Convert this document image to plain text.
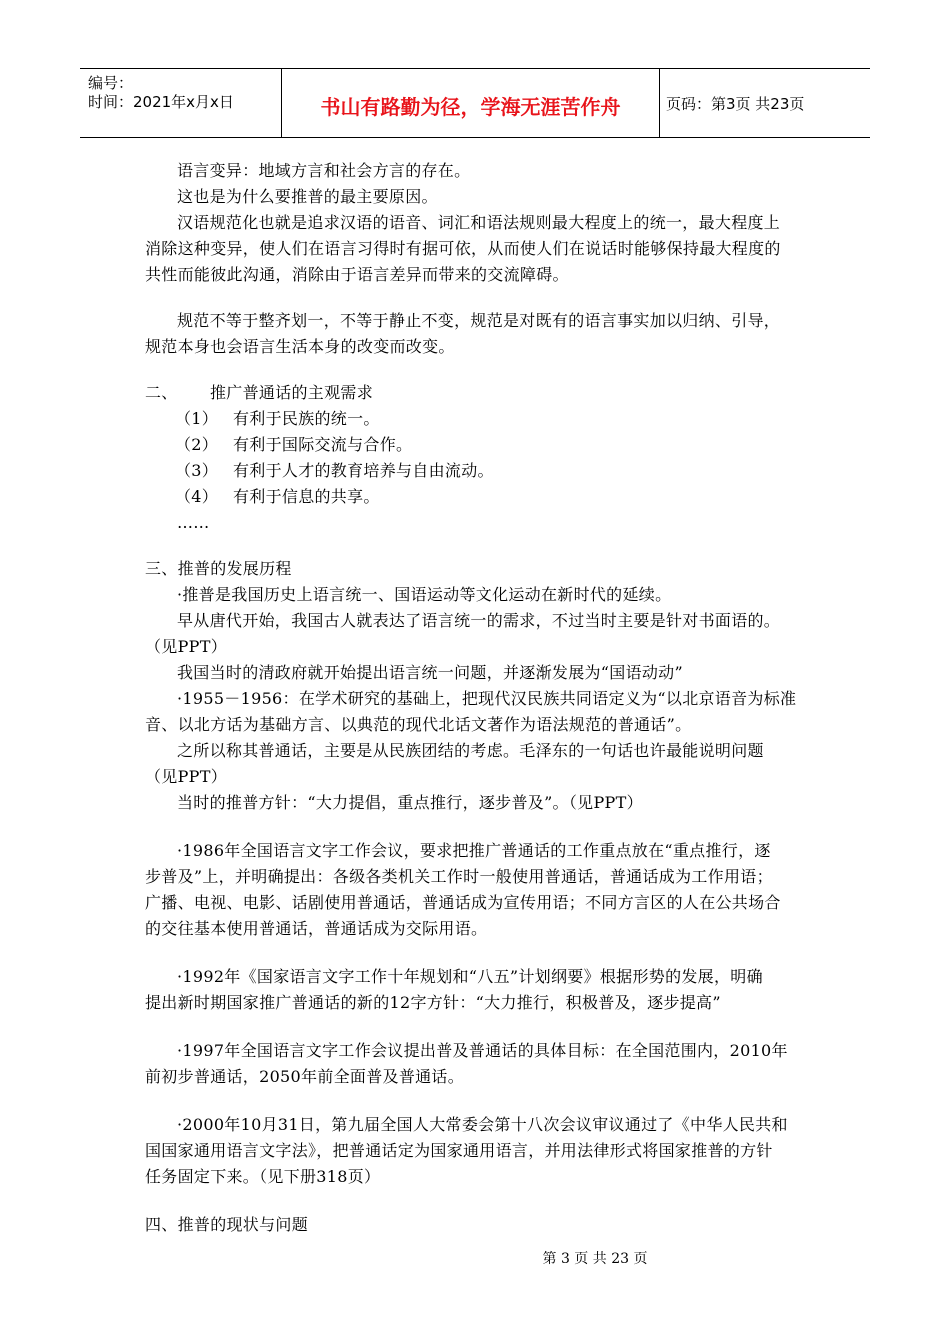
编号：
时间：2021年x月x日	书山有路勤为径，学海无涯苦作舟	页码：第3页 共23页
语言变异：地域方言和社会方言的存在。
这也是为什么要推普的最主要原因。
汉语规范化也就是追求汉语的语音、词汇和语法规则最大程度上的统一，最大程度上
消除这种变异，使人们在语言习得时有据可依，从而使人们在说话时能够保持最大程度的
共性而能彼此沟通，消除由于语言差异而带来的交流障碍。
规范不等于整齐划一，不等于静止不变，规范是对既有的语言事实加以归纳、引导，
规范本身也会语言生活本身的改变而改变。
二、 推广普通话的主观需求
（1） 有利于民族的统一。
（2） 有利于国际交流与合作。
（3） 有利于人才的教育培养与自由流动。
（4） 有利于信息的共享。
……
三、推普的发展历程
·推普是我国历史上语言统一、国语运动等文化运动在新时代的延续。
早从唐代开始，我国古人就表达了语言统一的需求，不过当时主要是针对书面语的。
（见PPT）
我国当时的清政府就开始提出语言统一问题，并逐渐发展为“国语动动”
·1955－1956：在学术研究的基础上，把现代汉民族共同语定义为“以北京语音为标准
音、以北方话为基础方言、以典范的现代北话文著作为语法规范的普通话”。
之所以称其普通话，主要是从民族团结的考虑。毛泽东的一句话也许最能说明问题
（见PPT）
当时的推普方针：“大力提倡，重点推行，逐步普及”。（见PPT）
·1986年全国语言文字工作会议，要求把推广普通话的工作重点放在“重点推行，逐
步普及”上，并明确提出：各级各类机关工作时一般使用普通话，普通话成为工作用语；
广播、电视、电影、话剧使用普通话，普通话成为宣传用语；不同方言区的人在公共场合
的交往基本使用普通话，普通话成为交际用语。
·1992年《国家语言文字工作十年规划和“八五”计划纲要》根据形势的发展，明确
提出新时期国家推广普通话的新的12字方针：“大力推行，积极普及，逐步提高”
·1997年全国语言文字工作会议提出普及普通话的具体目标：在全国范围内，2010年
前初步普通话，2050年前全面普及普通话。
·2000年10月31日，第九届全国人大常委会第十八次会议审议通过了《中华人民共和
国国家通用语言文字法》，把普通话定为国家通用语言，并用法律形式将国家推普的方针
任务固定下来。（见下册318页）
四、推普的现状与问题
第 3 页 共 23 页
